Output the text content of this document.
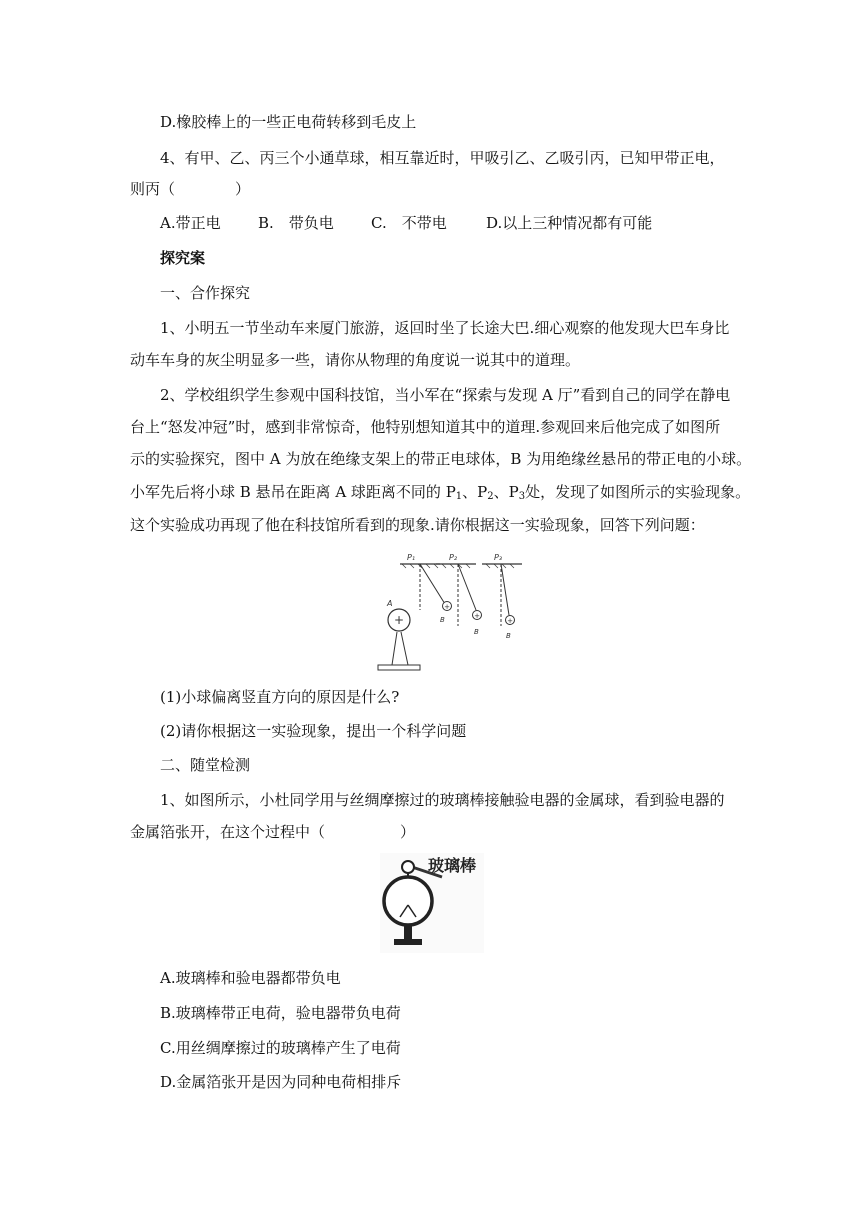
D.橡胶棒上的一些正电荷转移到毛皮上
4、有甲、乙、丙三个小通草球，相互靠近时，甲吸引乙、乙吸引丙，已知甲带正电，
则丙（　　　　）
A.带正电 B.　带负电 C.　不带电	D.以上三种情况都有可能
探究案
一、合作探究
1、小明五一节坐动车来厦门旅游，返回时坐了长途大巴.细心观察的他发现大巴车身比
动车车身的灰尘明显多一些，请你从物理的角度说一说其中的道理。
2、学校组织学生参观中国科技馆，当小军在“探索与发现 A 厅”看到自己的同学在静电
台上“怒发冲冠”时，感到非常惊奇，他特别想知道其中的道理.参观回来后他完成了如图所
示的实验探究，图中 A 为放在绝缘支架上的带正电球体，B 为用绝缘丝悬吊的带正电的小球。
小军先后将小球 B 悬吊在距离 A 球距离不同的 $P_1$、$P_2$、$P_3$处，发现了如图所示的实验现象。
这个实验成功再现了他在科技馆所看到的现象.请你根据这一实验现象，回答下列问题：
+
A
P₁
+
B
P₂
+
B
P₃
+
B
(1)小球偏离竖直方向的原因是什么?
(2)请你根据这一实验现象，提出一个科学问题
二、随堂检测
1、如图所示，小杜同学用与丝绸摩擦过的玻璃棒接触验电器的金属球，看到验电器的
金属箔张开，在这个过程中（　　　　　）
玻璃棒
A.玻璃棒和验电器都带负电
B.玻璃棒带正电荷，验电器带负电荷
C.用丝绸摩擦过的玻璃棒产生了电荷
D.金属箔张开是因为同种电荷相排斥
